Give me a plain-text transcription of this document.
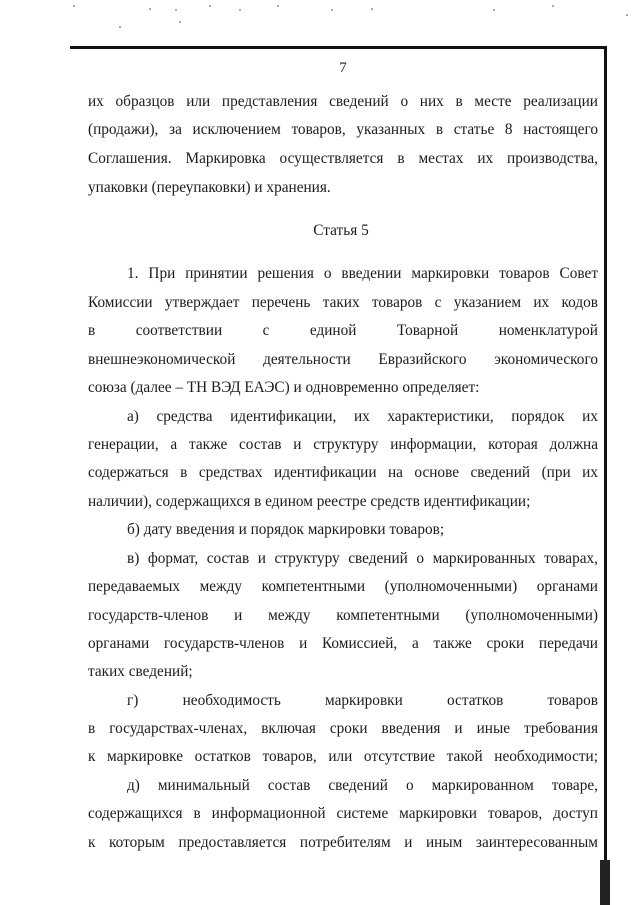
7
их образцов или представления сведений о них в месте реализации
(продажи), за исключением товаров, указанных в статье 8 настоящего
Соглашения. Маркировка осуществляется в местах их производства,
упаковки (переупаковки) и хранения.
Статья 5
1. При принятии решения о введении маркировки товаров Совет
Комиссии утверждает перечень таких товаров с указанием их кодов
в соответствии с единой Товарной номенклатурой
внешнеэкономической деятельности Евразийского экономического
союза (далее – ТН ВЭД ЕАЭС) и одновременно определяет:
а) средства идентификации, их характеристики, порядок их
генерации, а также состав и структуру информации, которая должна
содержаться в средствах идентификации на основе сведений (при их
наличии), содержащихся в едином реестре средств идентификации;
б) дату введения и порядок маркировки товаров;
в) формат, состав и структуру сведений о маркированных товарах,
передаваемых между компетентными (уполномоченными) органами
государств-членов и между компетентными (уполномоченными)
органами государств-членов и Комиссией, а также сроки передачи
таких сведений;
г) необходимость маркировки остатков товаров
в государствах-членах, включая сроки введения и иные требования
к маркировке остатков товаров, или отсутствие такой необходимости;
д) минимальный состав сведений о маркированном товаре,
содержащихся в информационной системе маркировки товаров, доступ
к которым предоставляется потребителям и иным заинтересованным
